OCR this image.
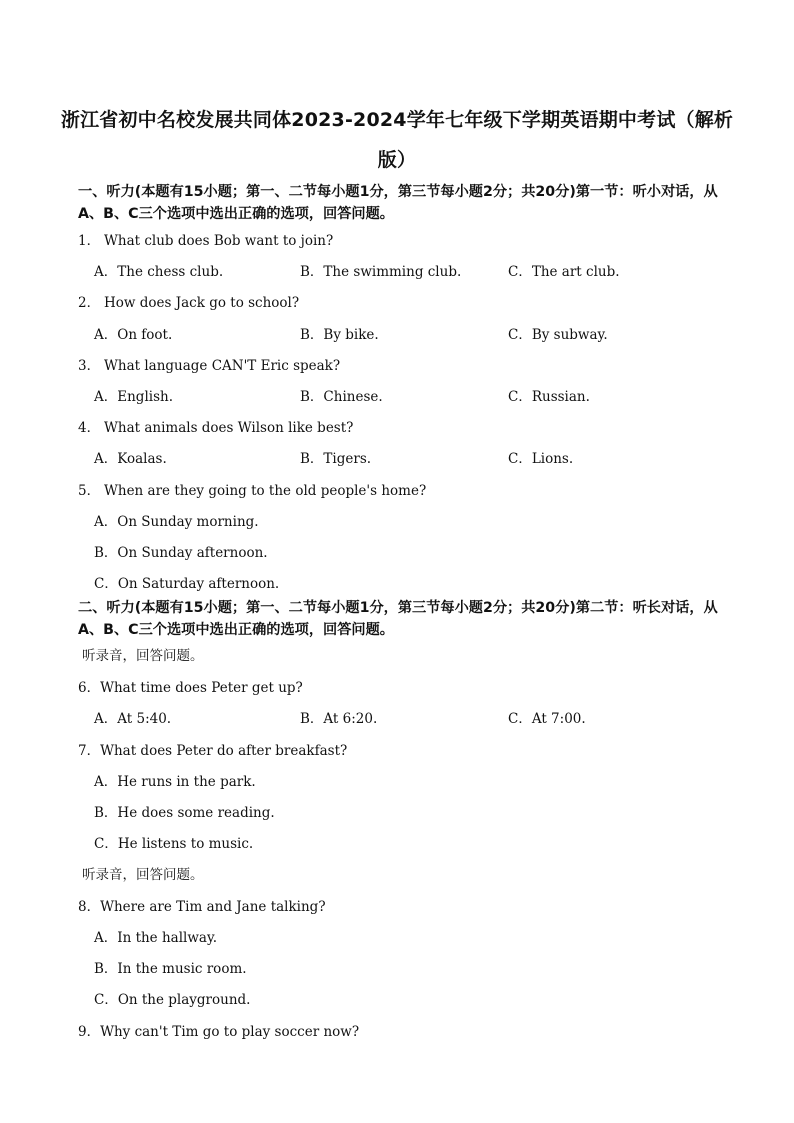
浙江省初中名校发展共同体2023-2024学年七年级下学期英语期中考试（解析版）
一、听力(本题有15小题；第一、二节每小题1分，第三节每小题2分；共20分)第一节：听小对话，从A、B、C三个选项中选出正确的选项，回答问题。
1． What club does Bob want to join?
A．The chess club.	B．The swimming club.	C．The art club.
2． How does Jack go to school?
A．On foot.	B．By bike.	C．By subway.
3． What language CAN'T Eric speak?
A．English.	B．Chinese.	C．Russian.
4． What animals does Wilson like best?
A．Koalas.	B．Tigers.	C．Lions.
5． When are they going to the old people's home?
A．On Sunday morning.
B．On Sunday afternoon.
C．On Saturday afternoon.
二、听力(本题有15小题；第一、二节每小题1分，第三节每小题2分；共20分)第二节：听长对话，从A、B、C三个选项中选出正确的选项，回答问题。
听录音，回答问题。
6．What time does Peter get up?
A．At 5:40.	B．At 6:20.	C．At 7:00.
7．What does Peter do after breakfast?
A．He runs in the park.
B．He does some reading.
C．He listens to music.
听录音，回答问题。
8．Where are Tim and Jane talking?
A．In the hallway.
B．In the music room.
C．On the playground.
9．Why can't Tim go to play soccer now?
